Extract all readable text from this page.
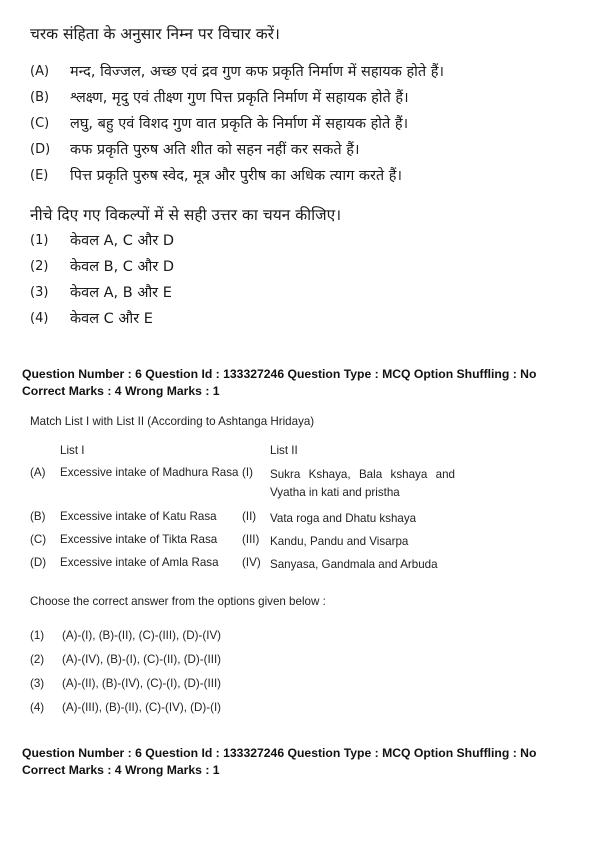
चरक संहिता के अनुसार निम्न पर विचार करें।
(A)	मन्द, विज्जल, अच्छ एवं द्रव गुण कफ प्रकृति निर्माण में सहायक होते हैं।
(B)	श्लक्ष्ण, मृदु एवं तीक्ष्ण गुण पित्त प्रकृति निर्माण में सहायक होते हैं।
(C)	लघु, बहु एवं विशद गुण वात प्रकृति के निर्माण में सहायक होते हैं।
(D)	कफ प्रकृति पुरुष अति शीत को सहन नहीं कर सकते हैं।
(E)	पित्त प्रकृति पुरुष स्वेद, मूत्र और पुरीष का अधिक त्याग करते हैं।
नीचे दिए गए विकल्पों में से सही उत्तर का चयन कीजिए।
(1)	केवल A, C और D
(2)	केवल B, C और D
(3)	केवल A, B और E
(4)	केवल C और E
Question Number : 6 Question Id : 133327246 Question Type : MCQ Option Shuffling : No
Correct Marks : 4 Wrong Marks : 1
Match List I with List II (According to Ashtanga Hridaya)
List I	List II
(A)	Excessive intake of Madhura Rasa (I)	Sukra Kshaya, Bala kshaya and Vyatha in kati and pristha
(B)	Excessive intake of Katu Rasa	(II)	Vata roga and Dhatu kshaya
(C)	Excessive intake of Tikta Rasa	(III) Kandu, Pandu and Visarpa
(D)	Excessive intake of Amla Rasa	(IV) Sanyasa, Gandmala and Arbuda
Choose the correct answer from the options given below :
(1)	(A)-(I), (B)-(II), (C)-(III), (D)-(IV)
(2)	(A)-(IV), (B)-(I), (C)-(II), (D)-(III)
(3)	(A)-(II), (B)-(IV), (C)-(I), (D)-(III)
(4)	(A)-(III), (B)-(II), (C)-(IV), (D)-(I)
Question Number : 6 Question Id : 133327246 Question Type : MCQ Option Shuffling : No
Correct Marks : 4 Wrong Marks : 1
